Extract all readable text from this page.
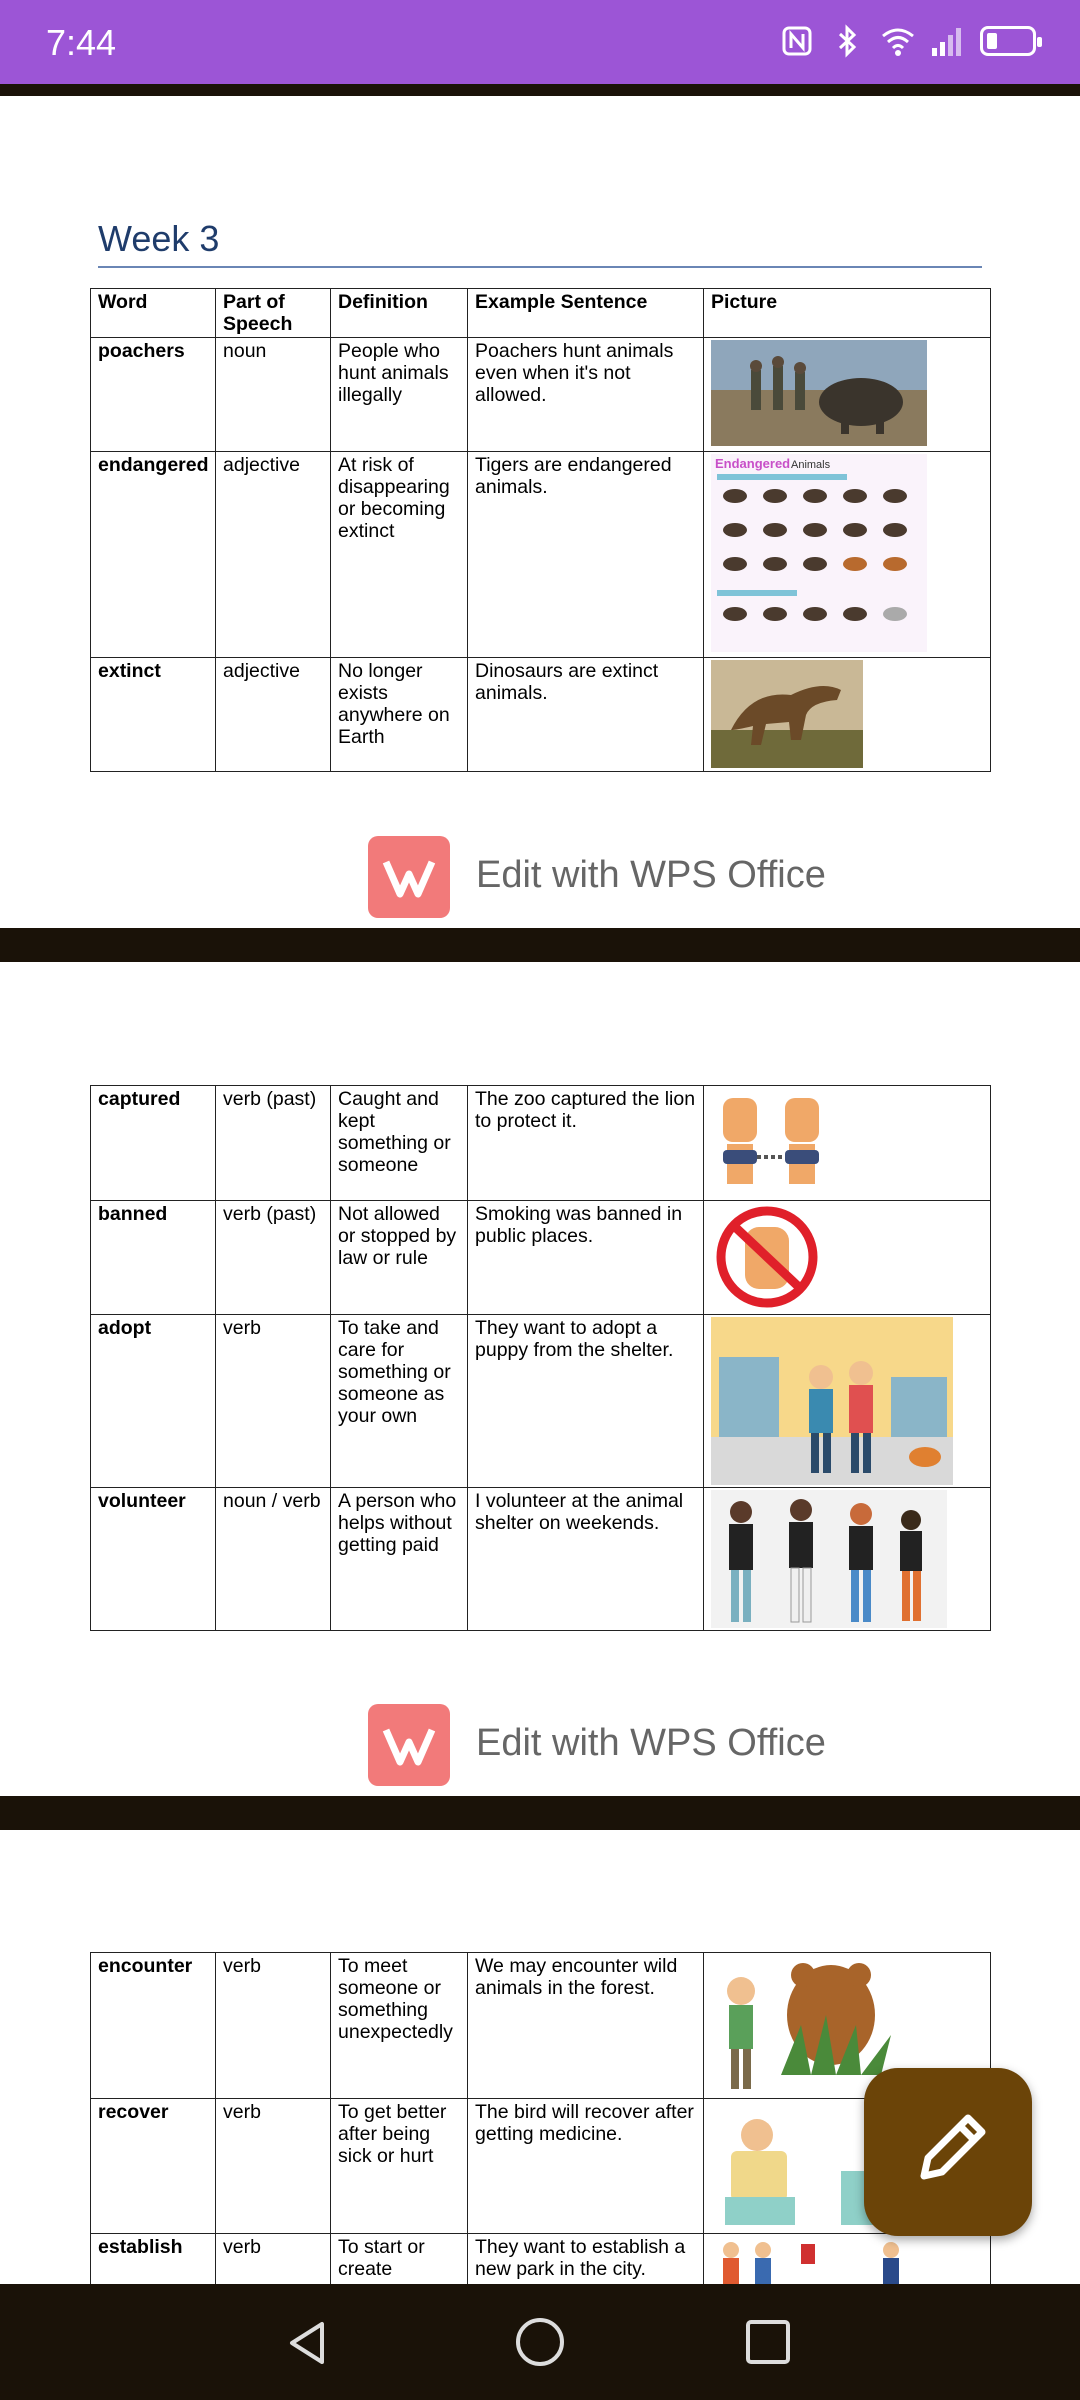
7:44
Week 3
Word	Part of Speech	Definition	Example Sentence	Picture
poachers	noun	People who hunt animals illegally	Poachers hunt animals even when it's not allowed.	

endangered	adjective	At risk of disappearing or becoming extinct	Tigers are endangered animals.	Endangered Animals

extinct	adjective	No longer exists anywhere on Earth	Dinosaurs are extinct animals.	
Edit with WPS Office
captured	verb (past)	Caught and kept something or someone	The zoo captured the lion to protect it.	

banned	verb (past)	Not allowed or stopped by law or rule	Smoking was banned in public places.	

adopt	verb	To take and care for something or someone as your own	They want to adopt a puppy from the shelter.	

volunteer	noun / verb	A person who helps without getting paid	I volunteer at the animal shelter on weekends.	
Edit with WPS Office
encounter	verb	To meet someone or something unexpectedly	We may encounter wild animals in the forest.	

recover	verb	To get better after being sick or hurt	The bird will recover after getting medicine.	

establish	verb	To start or create	They want to establish a new park in the city.	
